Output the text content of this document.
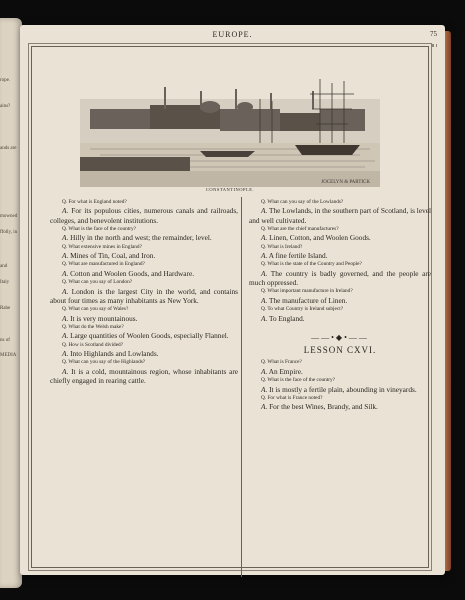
rope.
ains?
ands are
mowned
ffolly, in
and
Italy
Rahe
ns of
MEDIA
EUROPE.	75
JOCELYN & PARTICK
CONSTANTINOPLE.
Q. For what is England noted?
A. For its populous cities, numerous canals and railroads, colleges, and benevolent institutions.
Q. What is the face of the country?
A. Hilly in the north and west; the remainder, level.
Q. What extensive mines in England?
A. Mines of Tin, Coal, and Iron.
Q. What are manufactured in England?
A. Cotton and Woolen Goods, and Hardware.
Q. What can you say of London?
A. London is the largest City in the world, and contains about four times as many inhabitants as New York.
Q. What can you say of Wales?
A. It is very mountainous.
Q. What do the Welsh make?
A. Large quantities of Woolen Goods, especially Flannel.
Q. How is Scotland divided?
A. Into Highlands and Lowlands.
Q. What can you say of the Highlands?
A. It is a cold, mountainous region, whose inhabitants are chiefly engaged in rearing cattle.
Q. What can you say of the Lowlands?
A. The Lowlands, in the southern part of Scotland, is level and well cultivated.
Q. What are the chief manufactures?
A. Linen, Cotton, and Woolen Goods.
Q. What is Ireland?
A. A fine fertile Island.
Q. What is the state of the Country and People?
A. The country is badly governed, and the people are much oppressed.
Q. What important manufacture in Ireland?
A. The manufacture of Linen.
Q. To what Country is Ireland subject?
A. To England.
——•◆•——
LESSON CXVI.
Q. What is France?
A. An Empire.
Q. What is the face of the country?
A. It is mostly a fertile plain, abounding in vineyards.
Q. For what is France noted?
A. For the best Wines, Brandy, and Silk.
